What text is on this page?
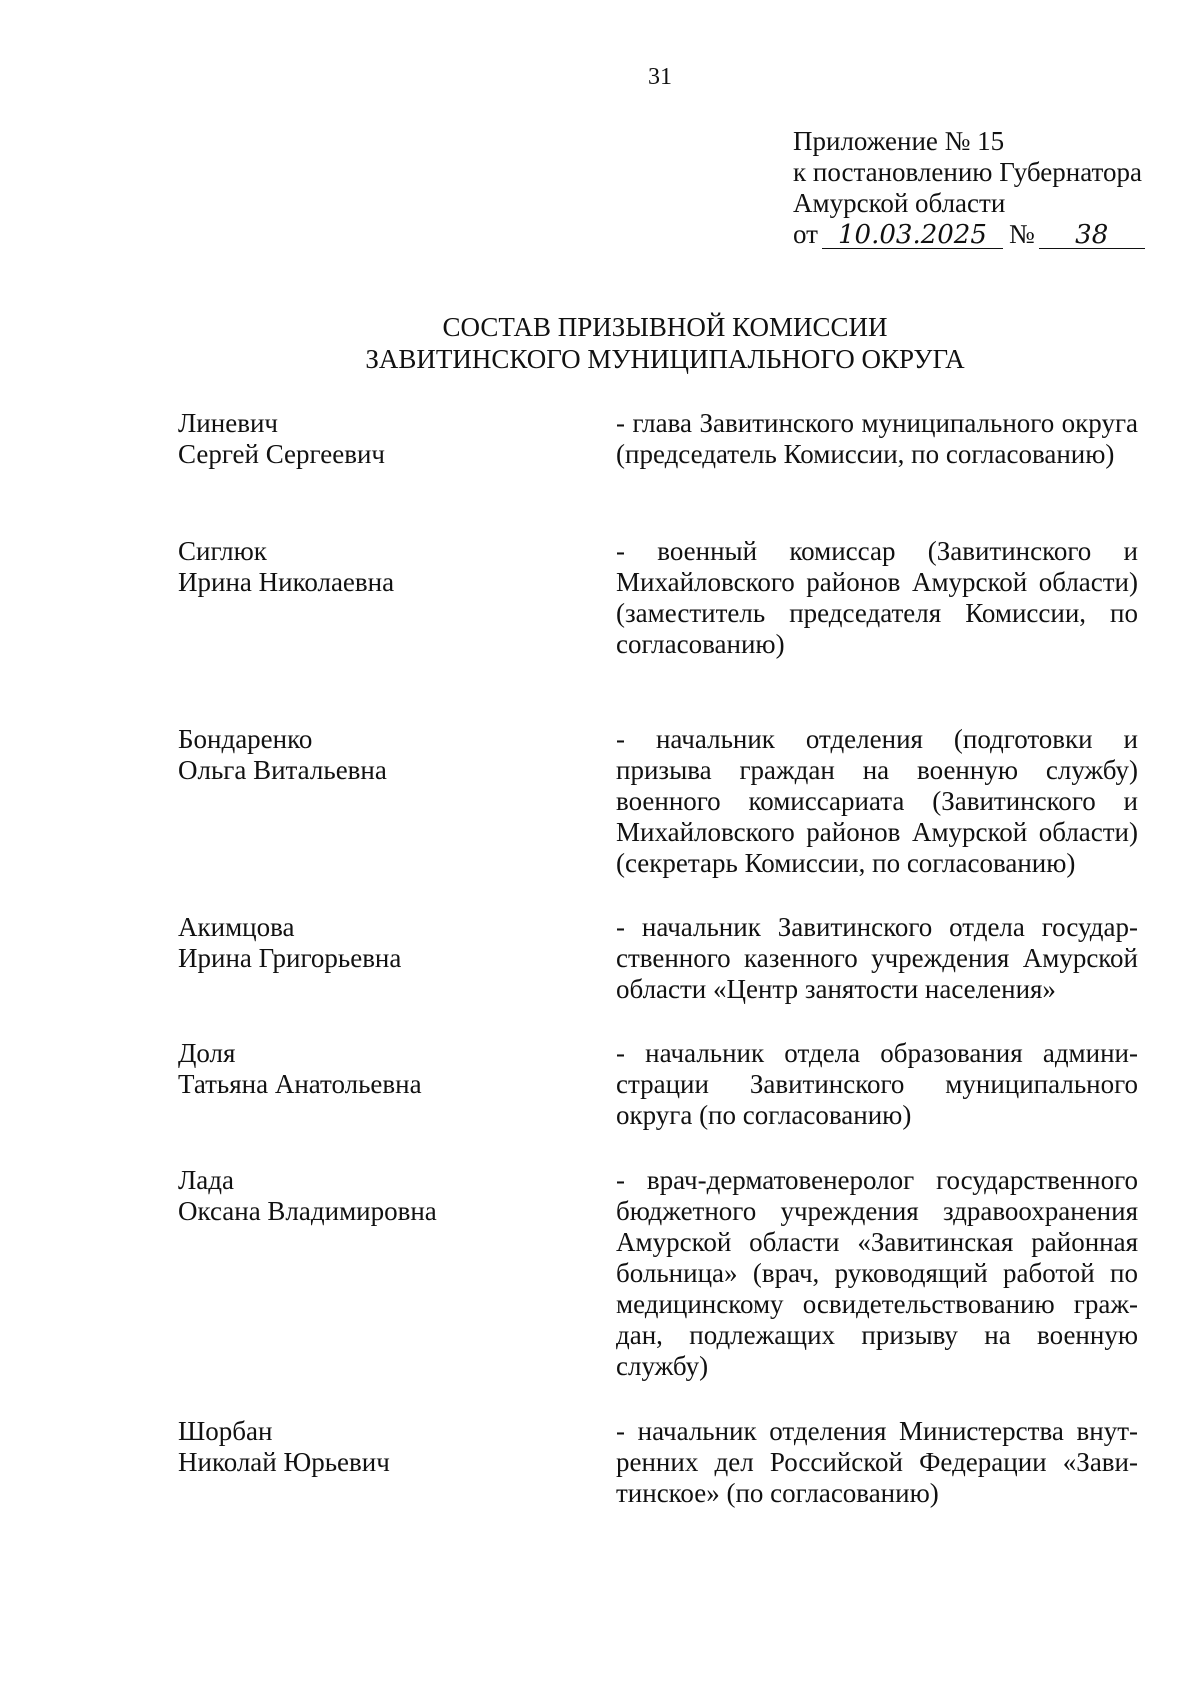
31
Приложение № 15
к постановлению Губернатора
Амурской области
от 10.03.2025 № 38
СОСТАВ ПРИЗЫВНОЙ КОМИССИИ
ЗАВИТИНСКОГО МУНИЦИПАЛЬНОГО ОКРУГА
Линевич
Сергей Сергеевич
- глава Завитинского муниципального округа (председатель Комиссии, по согласованию)
Сиглюк
Ирина Николаевна
- военный комиссар (Завитинского и Михайловского районов Амурской области) (заместитель председателя Комиссии, по согласованию)
Бондаренко
Ольга Витальевна
- начальник отделения (подготовки и призыва граждан на военную службу) военного комиссариата (Завитинского и Михайловского районов Амурской области) (секретарь Комиссии, по согласованию)
Акимцова
Ирина Григорьевна
- начальник Завитинского отдела государственного казенного учреждения Амурской области «Центр занятости населения»
Доля
Татьяна Анатольевна
- начальник отдела образования администрации Завитинского муниципального округа (по согласованию)
Лада
Оксана Владимировна
- врач-дерматовенеролог государственного бюджетного учреждения здравоохранения Амурской области «Завитинская районная больница» (врач, руководящий работой по медицинскому освидетельствованию граждан, подлежащих призыву на военную службу)
Шорбан
Николай Юрьевич
- начальник отделения Министерства внутренних дел Российской Федерации «Завитинское» (по согласованию)
